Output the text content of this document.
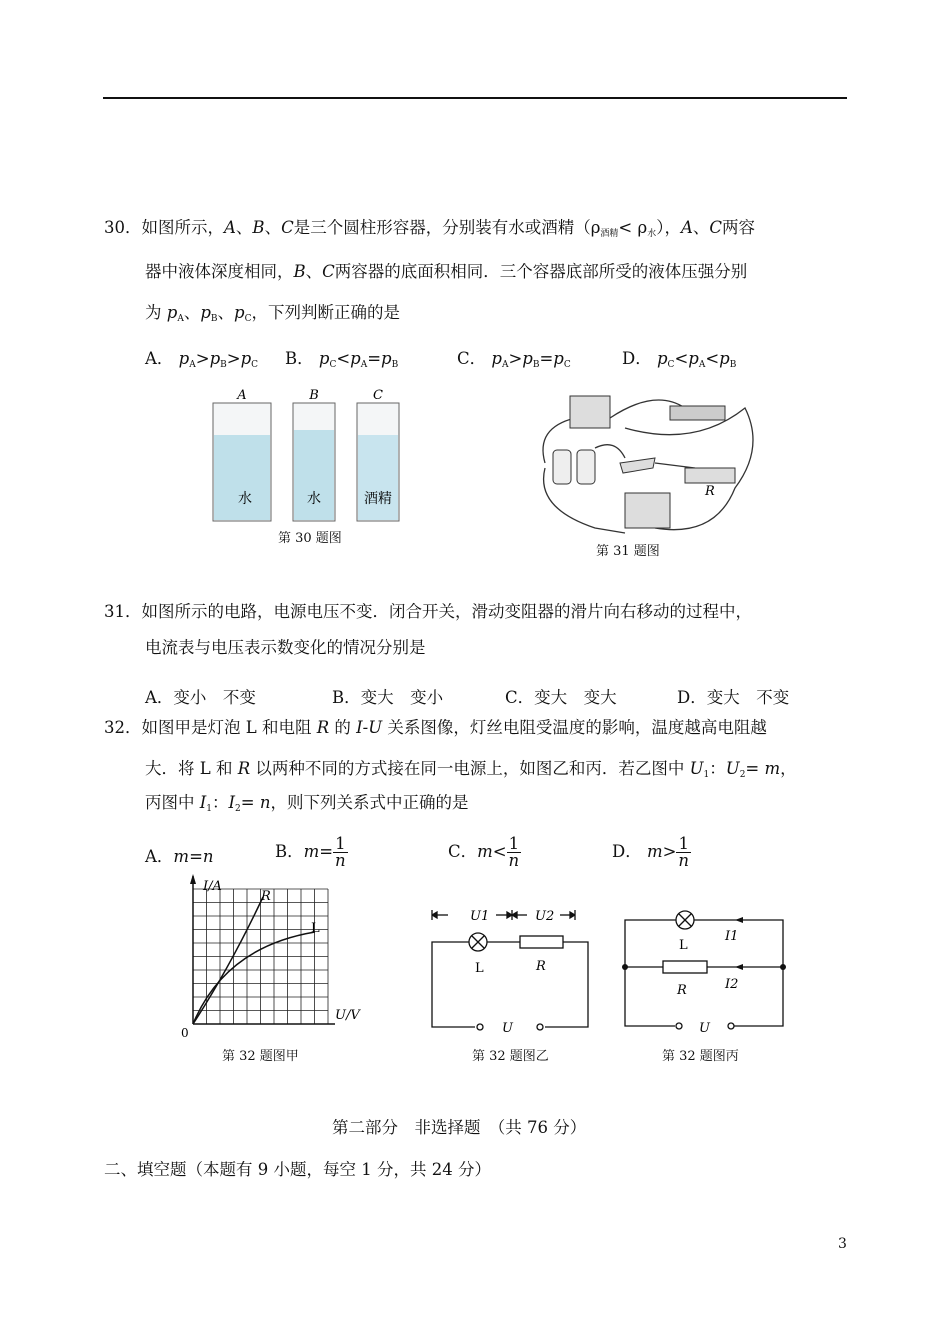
30．如图所示，A、B、C是三个圆柱形容器，分别装有水或酒精（ρ酒精< ρ水），A、C两容
器中液体深度相同，B、C两容器的底面积相同．三个容器底部所受的液体压强分别
为 pA、pB、pC，下列判断正确的是
A． pA>pB>pC B． pC<pA=pB	C． pA>pB=pC	D． pC<pA<pB
A	B	C
水	水	酒精
第 30 题图
R
第 31 题图
31．如图所示的电路，电源电压不变．闭合开关，滑动变阻器的滑片向右移动的过程中，
电流表与电压表示数变化的情况分别是
A．变小　不变	B．变大　变小	C．变大　变大	D．变大　不变
32．如图甲是灯泡 L 和电阻 R 的 I-U 关系图像，灯丝电阻受温度的影响，温度越高电阻越
大．将 L 和 R 以两种不同的方式接在同一电源上，如图乙和丙．若乙图中 U1：U2= m，
丙图中 I1：I2= n，则下列关系式中正确的是
A．m=n	B．$m= \frac{1}{n}$	C．$m< \frac{1}{n}$	D． $m> \frac{1}{n}$
I/A
U/V
0
R
L
第 32 题图甲
U1	U2
L	R
U
第 32 题图乙
L
I1
R	I2
U
第 32 题图丙
第二部分　非选择题　（共 76 分）
二、填空题（本题有 9 小题，每空 1 分，共 24 分）
3
